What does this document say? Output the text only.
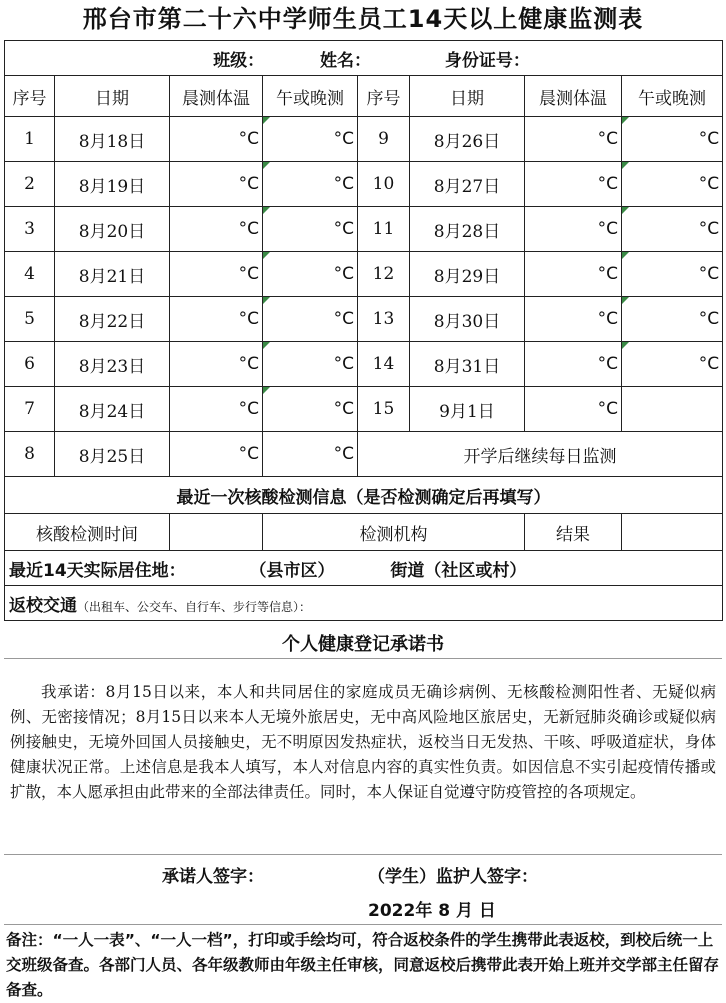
邢台市第二十六中学师生员工14天以上健康监测表
班级： 姓名： 身份证号：							
序号	日期	晨测体温	午或晚测	序号	日期	晨测体温	午或晚测
1	8月18日	°C	°C	9	8月26日	°C	°C
2	8月19日	°C	°C	10	8月27日	°C	°C
3	8月20日	°C	°C	11	8月28日	°C	°C
4	8月21日	°C	°C	12	8月29日	°C	°C
5	8月22日	°C	°C	13	8月30日	°C	°C
6	8月23日	°C	°C	14	8月31日	°C	°C
7	8月24日	°C	°C	15	9月1日	°C	
8	8月25日	°C	°C	开学后继续每日监测			
最近一次核酸检测信息（是否检测确定后再填写）							
核酸检测时间			检测机构			结果	
最近14天实际居住地： （县市区） 街道（社区或村）							
返校交通（出租车、公交车、自行车、步行等信息）：							
个人健康登记承诺书
我承诺：8月15日以来，本人和共同居住的家庭成员无确诊病例、无核酸检测阳性者、无疑似病例、无密接情况；8月15日以来本人无境外旅居史，无中高风险地区旅居史，无新冠肺炎确诊或疑似病例接触史，无境外回国人员接触史，无不明原因发热症状，返校当日无发热、干咳、呼吸道症状，身体健康状况正常。上述信息是我本人填写，本人对信息内容的真实性负责。如因信息不实引起疫情传播或扩散，本人愿承担由此带来的全部法律责任。同时，本人保证自觉遵守防疫管控的各项规定。
承诺人签字：	（学生）监护人签字：
2022年 8 月 日
备注：“一人一表”、“一人一档”，打印或手绘均可，符合返校条件的学生携带此表返校，到校后统一上交班级备查。各部门人员、各年级教师由年级主任审核，同意返校后携带此表开始上班并交学部主任留存备查。
